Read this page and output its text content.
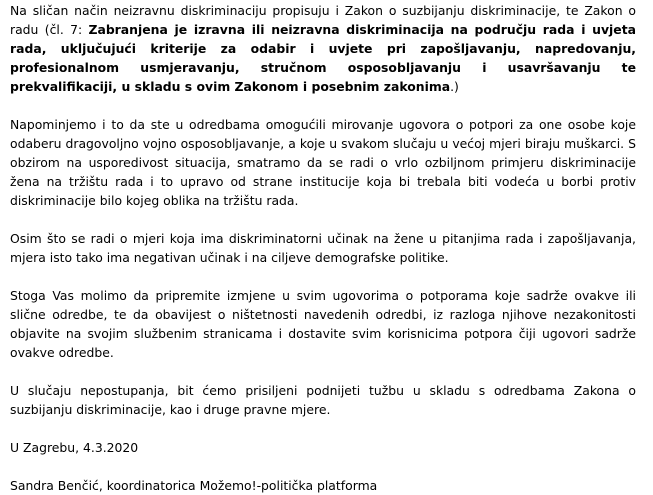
Na sličan način neizravnu diskriminaciju propisuju i Zakon o suzbijanju diskriminacije, te Zakon o radu (čl. 7: Zabranjena je izravna ili neizravna diskriminacija na području rada i uvjeta rada, uključujući kriterije za odabir i uvjete pri zapošljavanju, napredovanju, profesionalnom usmjeravanju, stručnom osposobljavanju i usavršavanju te prekvalifikaciji, u skladu s ovim Zakonom i posebnim zakonima.)

Napominjemo i to da ste u odredbama omogućili mirovanje ugovora o potpori za one osobe koje odaberu dragovoljno vojno osposobljavanje, a koje u svakom slučaju u većoj mjeri biraju muškarci. S obzirom na usporedivost situacija, smatramo da se radi o vrlo ozbiljnom primjeru diskriminacije žena na tržištu rada i to upravo od strane institucije koja bi trebala biti vodeća u borbi protiv diskriminacije bilo kojeg oblika na tržištu rada.

Osim što se radi o mjeri koja ima diskriminatorni učinak na žene u pitanjima rada i zapošljavanja, mjera isto tako ima negativan učinak i na ciljeve demografske politike.

Stoga Vas molimo da pripremite izmjene u svim ugovorima o potporama koje sadrže ovakve ili slične odredbe, te da obavijest o ništetnosti navedenih odredbi, iz razloga njihove nezakonitosti objavite na svojim službenim stranicama i dostavite svim korisnicima potpora čiji ugovori sadrže ovakve odredbe.

U slučaju nepostupanja, bit ćemo prisiljeni podnijeti tužbu u skladu s odredbama Zakona o suzbijanju diskriminacije, kao i druge pravne mjere.

U Zagrebu, 4.3.2020

Sandra Benčić, koordinatorica Možemo!-politička platforma
